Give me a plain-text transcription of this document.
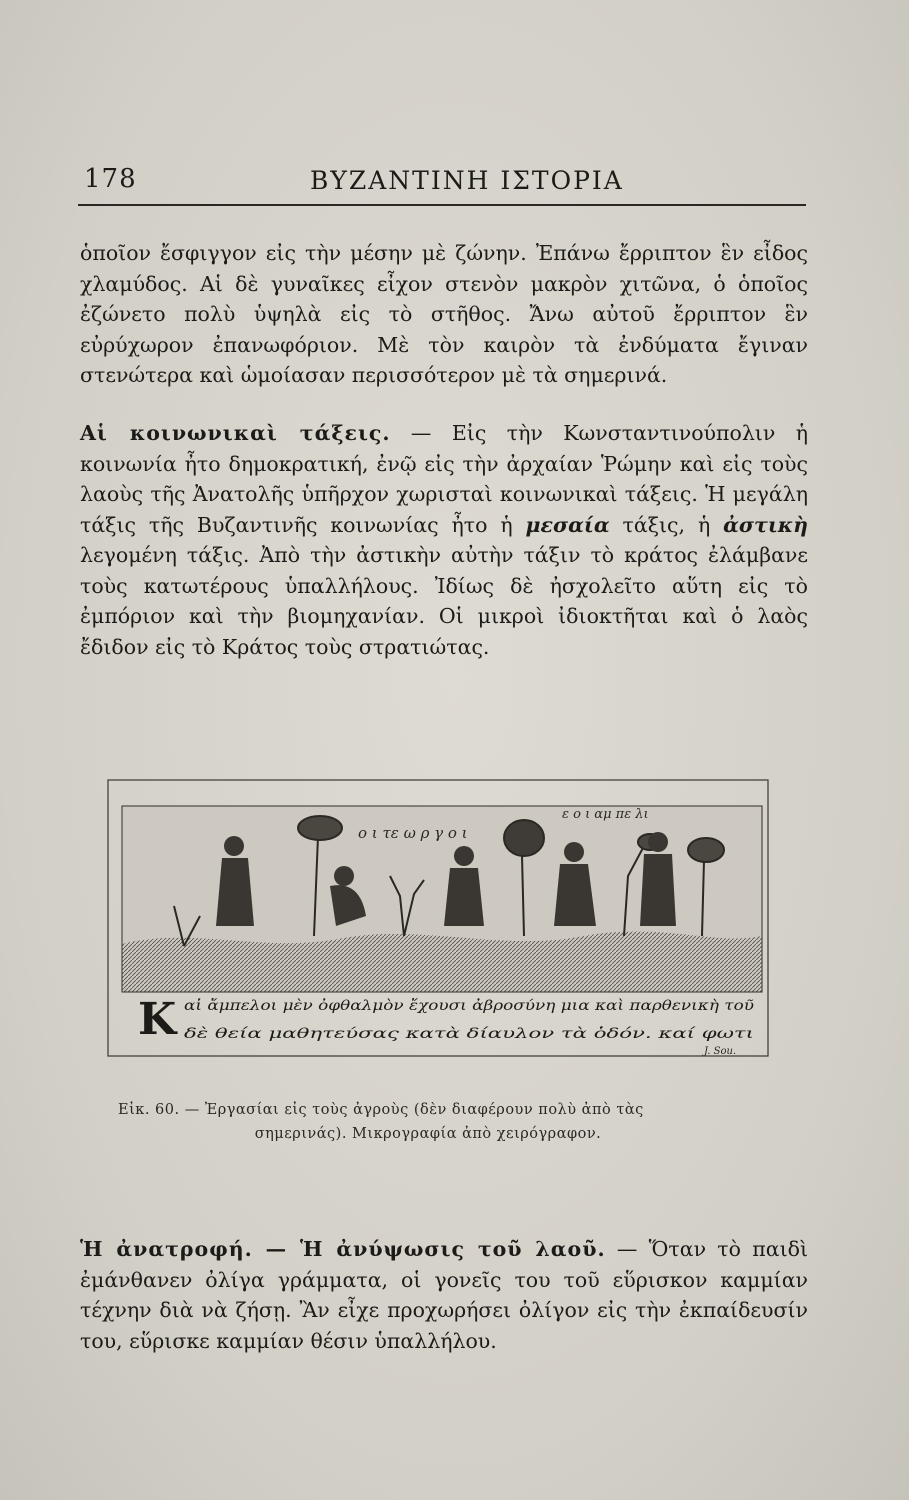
178	ΒΥΖΑΝΤΙΝΗ ΙΣΤΟΡΙΑ

ὁποῖον ἔσφιγγον εἰς τὴν μέσην μὲ ζώνην. Ἐπάνω ἔρριπτον ἓν εἶδος χλαμύδος. Αἱ δὲ γυναῖκες εἶχον στενὸν μακρὸν χιτῶνα, ὁ ὁποῖος ἐζώνετο πολὺ ὑψηλὰ εἰς τὸ στῆθος. Ἄνω αὐτοῦ ἔρριπτον ἓν εὐρύχωρον ἐπανωφόριον. Μὲ τὸν καιρὸν τὰ ἐνδύματα ἔγιναν στενώτερα καὶ ὡμοίασαν περισσότερον μὲ τὰ σημερινά.

Αἱ κοινωνικαὶ τάξεις. — Εἰς τὴν Κωνσταντινούπολιν ἡ κοινωνία ἦτο δημοκρατική, ἐνῷ εἰς τὴν ἀρχαίαν Ῥώμην καὶ εἰς τοὺς λαοὺς τῆς Ἀνατολῆς ὑπῆρχον χωρισταὶ κοινωνικαὶ τάξεις. Ἡ μεγάλη τάξις τῆς Βυζαντινῆς κοινωνίας ἦτο ἡ μεσαία τάξις, ἡ ἀστικὴ λεγομένη τάξις. Ἀπὸ τὴν ἀστικὴν αὐτὴν τάξιν τὸ κράτος ἐλάμβανε τοὺς κατωτέρους ὑπαλλήλους. Ἰδίως δὲ ἠσχολεῖτο αὕτη εἰς τὸ ἐμπόριον καὶ τὴν βιομηχανίαν. Οἱ μικροὶ ἰδιοκτῆται καὶ ὁ λαὸς ἔδιδον εἰς τὸ Κράτος τοὺς στρατιώτας.

ο ι τε ω ρ γ ο ι
ε ο ι αμ πε λι
Κ αἱ ἄμπελοι μὲν ὀφθαλμὸν ἔχουσι ἀβροσύνη μια καὶ παρθενικὴ τοῦ
δὲ θεία μαθητεύσας κατὰ δίαυλον τὰ ὁδόν. καί φωτι
J. Sou.

Εἰκ. 60. — Ἐργασίαι εἰς τοὺς ἀγροὺς (δὲν διαφέρουν πολὺ ἀπὸ τὰς
σημερινάς). Μικρογραφία ἀπὸ χειρόγραφον.

Ἡ ἀνατροφή. — Ἡ ἀνύψωσις τοῦ λαοῦ. — Ὅταν τὸ παιδὶ ἐμάνθανεν ὀλίγα γράμματα, οἱ γονεῖς του τοῦ εὕρισκον καμμίαν τέχνην διὰ νὰ ζήσῃ. Ἂν εἶχε προχωρήσει ὀλίγον εἰς τὴν ἐκπαίδευσίν του, εὕρισκε καμμίαν θέσιν ὑπαλλήλου.
